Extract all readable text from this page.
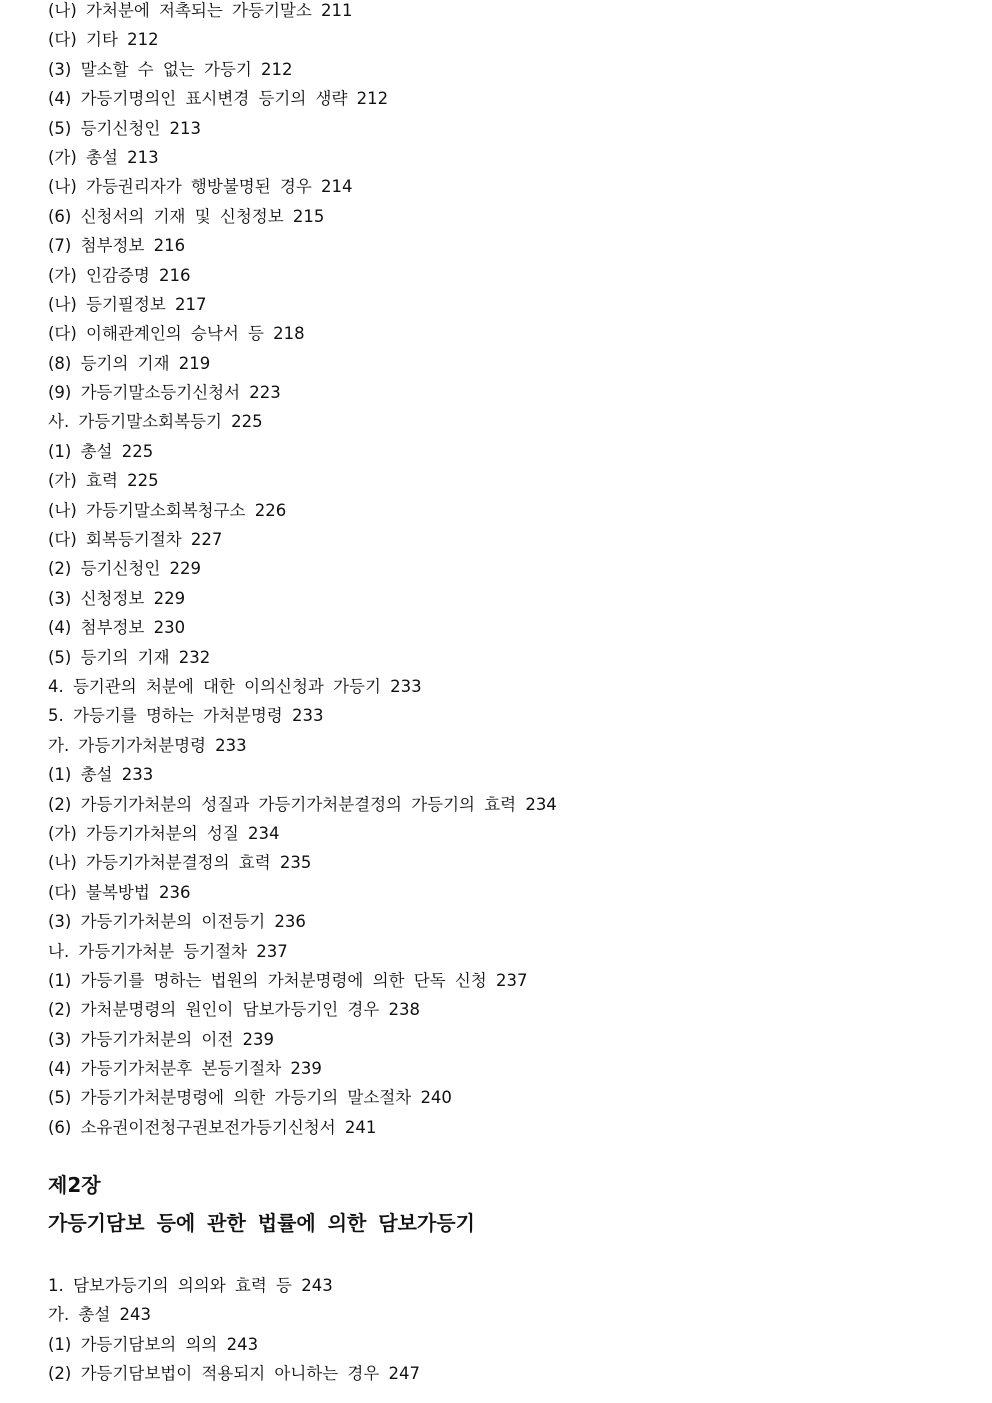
(나) 가처분에 저촉되는 가등기말소 211
(다) 기타 212
(3) 말소할 수 없는 가등기 212
(4) 가등기명의인 표시변경 등기의 생략 212
(5) 등기신청인 213
(가) 총설 213
(나) 가등권리자가 행방불명된 경우 214
(6) 신청서의 기재 및 신청정보 215
(7) 첨부정보 216
(가) 인감증명 216
(나) 등기필정보 217
(다) 이해관계인의 승낙서 등 218
(8) 등기의 기재 219
(9) 가등기말소등기신청서 223
사. 가등기말소회복등기 225
(1) 총설 225
(가) 효력 225
(나) 가등기말소회복청구소 226
(다) 회복등기절차 227
(2) 등기신청인 229
(3) 신청정보 229
(4) 첨부정보 230
(5) 등기의 기재 232
4. 등기관의 처분에 대한 이의신청과 가등기 233
5. 가등기를 명하는 가처분명령 233
가. 가등기가처분명령 233
(1) 총설 233
(2) 가등기가처분의 성질과 가등기가처분결정의 가등기의 효력 234
(가) 가등기가처분의 성질 234
(나) 가등기가처분결정의 효력 235
(다) 불복방법 236
(3) 가등기가처분의 이전등기 236
나. 가등기가처분 등기절차 237
(1) 가등기를 명하는 법원의 가처분명령에 의한 단독 신청 237
(2) 가처분명령의 원인이 담보가등기인 경우 238
(3) 가등기가처분의 이전 239
(4) 가등기가처분후 본등기절차 239
(5) 가등기가처분명령에 의한 가등기의 말소절차 240
(6) 소유권이전청구권보전가등기신청서 241
제2장
가등기담보 등에 관한 법률에 의한 담보가등기
1. 담보가등기의 의의와 효력 등 243
가. 총설 243
(1) 가등기담보의 의의 243
(2) 가등기담보법이 적용되지 아니하는 경우 247
